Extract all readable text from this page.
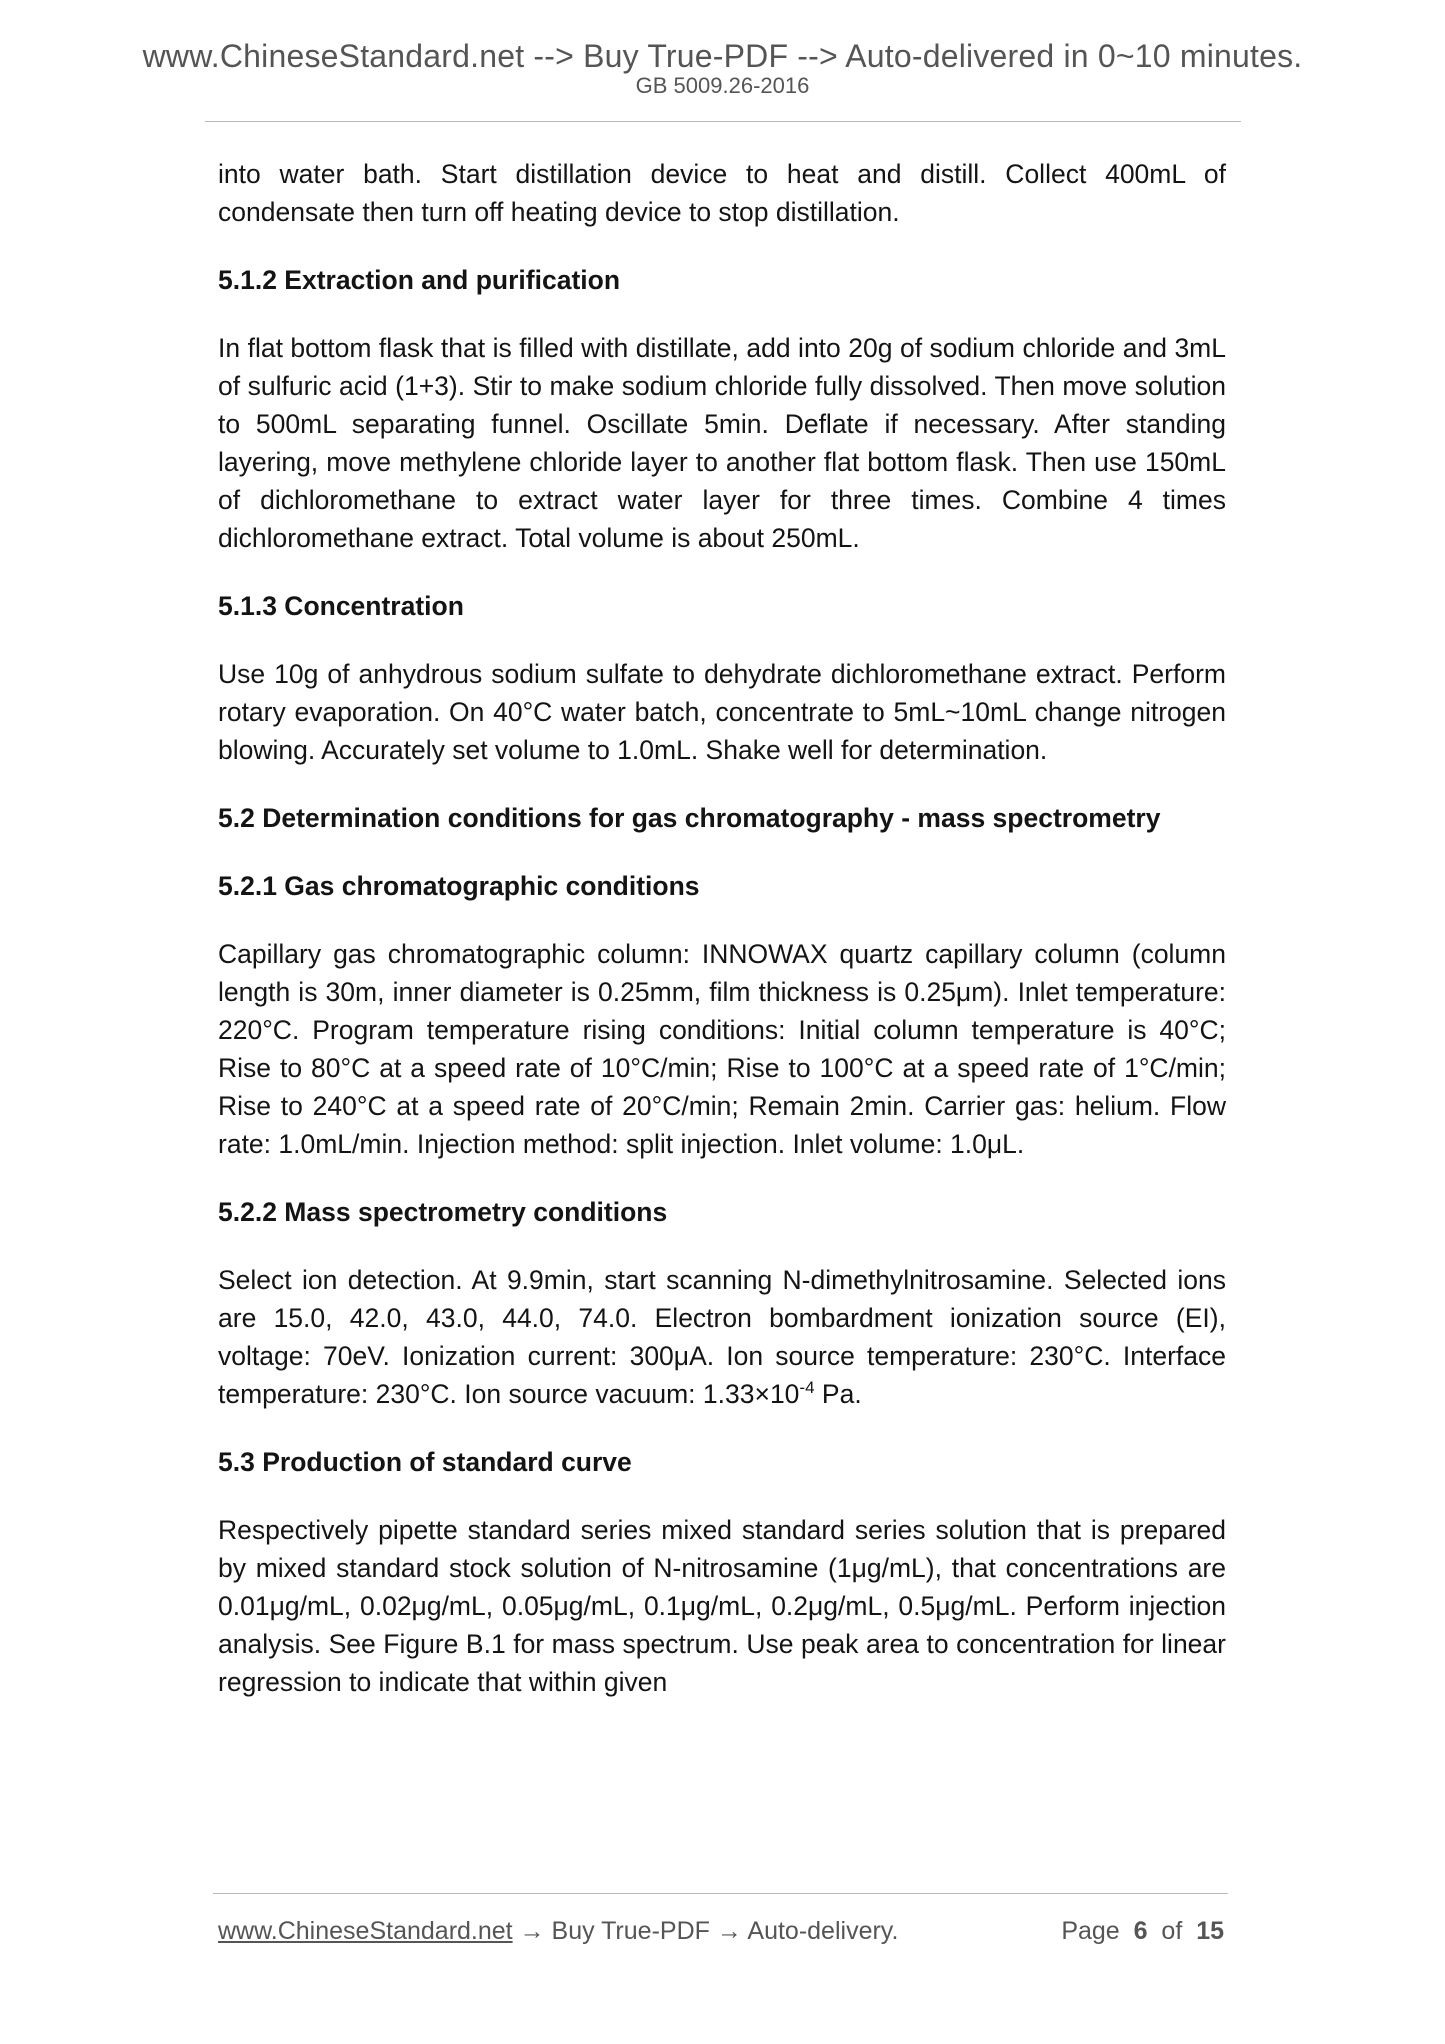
www.ChineseStandard.net --> Buy True-PDF --> Auto-delivered in 0~10 minutes.
GB 5009.26-2016

into water bath. Start distillation device to heat and distill. Collect 400mL of condensate then turn off heating device to stop distillation.

5.1.2 Extraction and purification

In flat bottom flask that is filled with distillate, add into 20g of sodium chloride and 3mL of sulfuric acid (1+3). Stir to make sodium chloride fully dissolved. Then move solution to 500mL separating funnel. Oscillate 5min. Deflate if necessary. After standing layering, move methylene chloride layer to another flat bottom flask. Then use 150mL of dichloromethane to extract water layer for three times. Combine 4 times dichloromethane extract. Total volume is about 250mL.

5.1.3 Concentration

Use 10g of anhydrous sodium sulfate to dehydrate dichloromethane extract. Perform rotary evaporation. On 40°C water batch, concentrate to 5mL~10mL change nitrogen blowing. Accurately set volume to 1.0mL. Shake well for determination.

5.2 Determination conditions for gas chromatography - mass spectrometry

5.2.1 Gas chromatographic conditions

Capillary gas chromatographic column: INNOWAX quartz capillary column (column length is 30m, inner diameter is 0.25mm, film thickness is 0.25μm). Inlet temperature: 220°C. Program temperature rising conditions: Initial column temperature is 40°C; Rise to 80°C at a speed rate of 10°C/min; Rise to 100°C at a speed rate of 1°C/min; Rise to 240°C at a speed rate of 20°C/min; Remain 2min. Carrier gas: helium. Flow rate: 1.0mL/min. Injection method: split injection. Inlet volume: 1.0μL.

5.2.2 Mass spectrometry conditions

Select ion detection. At 9.9min, start scanning N-dimethylnitrosamine. Selected ions are 15.0, 42.0, 43.0, 44.0, 74.0. Electron bombardment ionization source (EI), voltage: 70eV. Ionization current: 300μA. Ion source temperature: 230°C. Interface temperature: 230°C. Ion source vacuum: $1.33\times 10^{-4}$ Pa.

5.3 Production of standard curve

Respectively pipette standard series mixed standard series solution that is prepared by mixed standard stock solution of N-nitrosamine (1μg/mL), that concentrations are 0.01μg/mL, 0.02μg/mL, 0.05μg/mL, 0.1μg/mL, 0.2μg/mL, 0.5μg/mL. Perform injection analysis. See Figure B.1 for mass spectrum. Use peak area to concentration for linear regression to indicate that within given

www.ChineseStandard.net → Buy True-PDF → Auto-delivery.	Page 6 of 15
